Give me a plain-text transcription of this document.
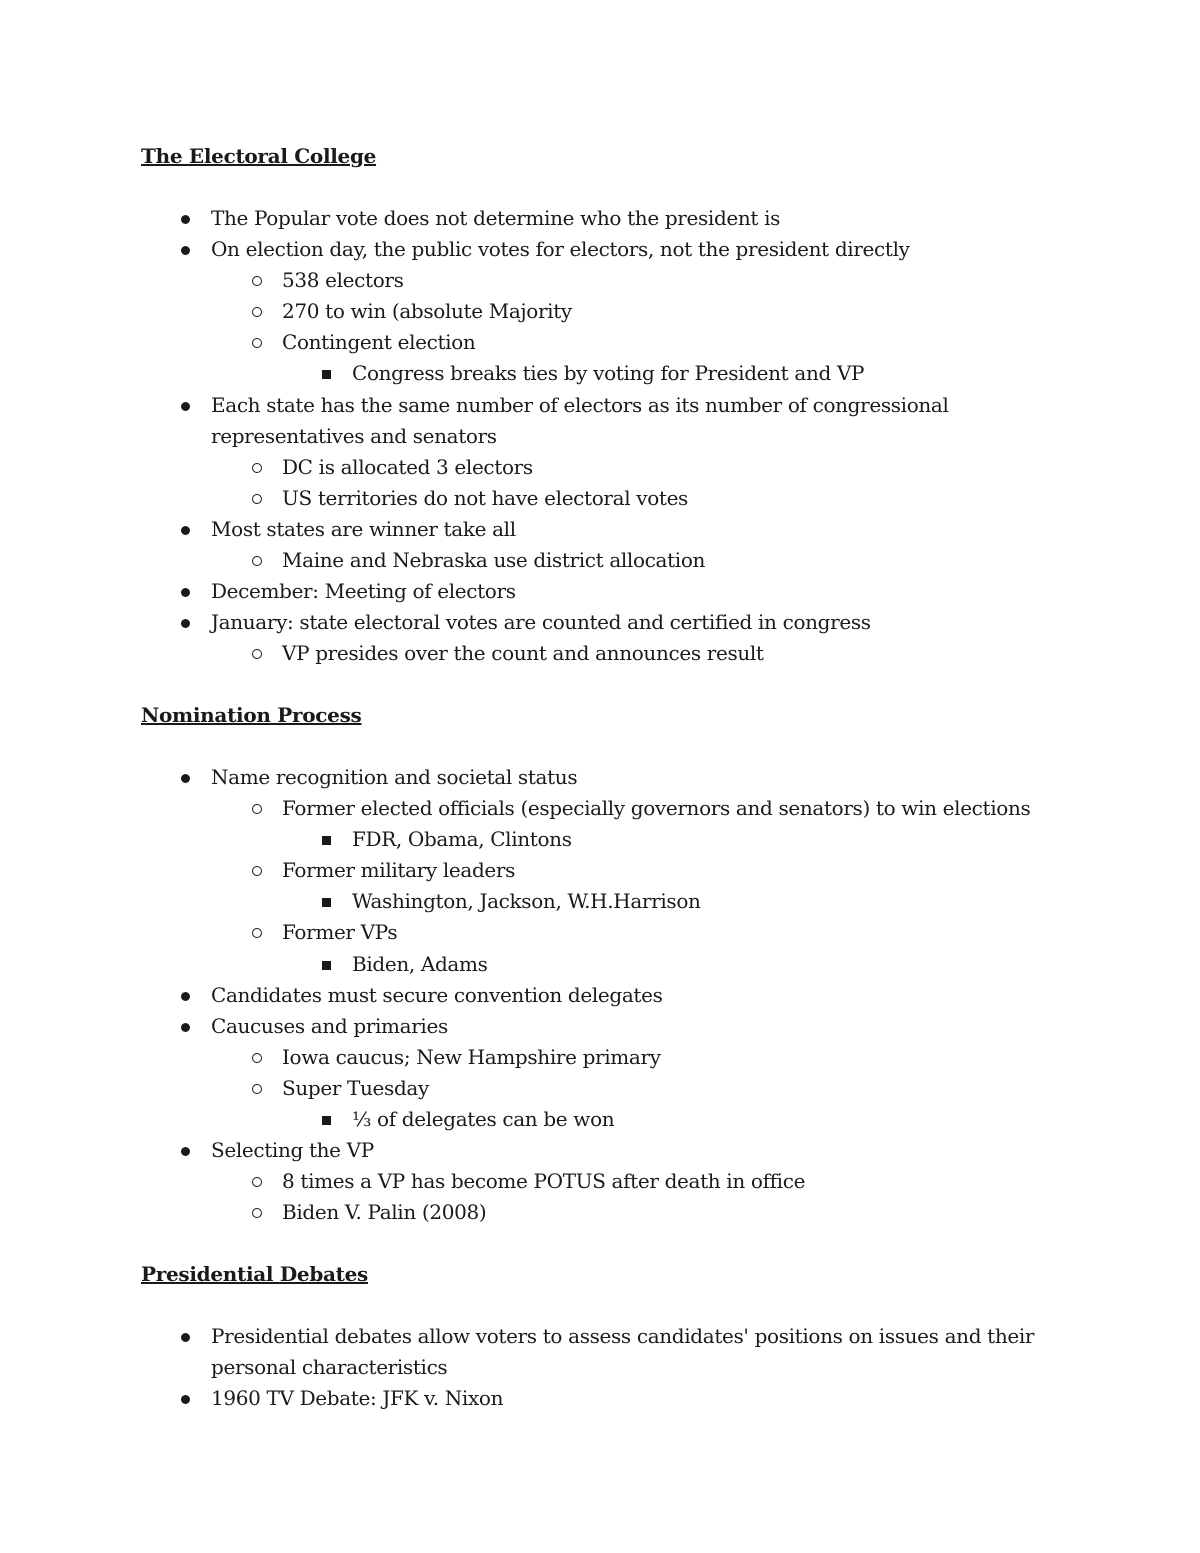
The Electoral College
The Popular vote does not determine who the president is
On election day, the public votes for electors, not the president directly
538 electors
270 to win (absolute Majority
Contingent election
Congress breaks ties by voting for President and VP
Each state has the same number of electors as its number of congressional representatives and senators
DC is allocated 3 electors
US territories do not have electoral votes
Most states are winner take all
Maine and Nebraska use district allocation
December: Meeting of electors
January: state electoral votes are counted and certified in congress
VP presides over the count and announces result
Nomination Process
Name recognition and societal status
Former elected officials (especially governors and senators) to win elections
FDR, Obama, Clintons
Former military leaders
Washington, Jackson, W.H.Harrison
Former VPs
Biden, Adams
Candidates must secure convention delegates
Caucuses and primaries
Iowa caucus; New Hampshire primary
Super Tuesday
⅓ of delegates can be won
Selecting the VP
8 times a VP has become POTUS after death in office
Biden V. Palin (2008)
Presidential Debates
Presidential debates allow voters to assess candidates' positions on issues and their personal characteristics
1960 TV Debate: JFK v. Nixon
